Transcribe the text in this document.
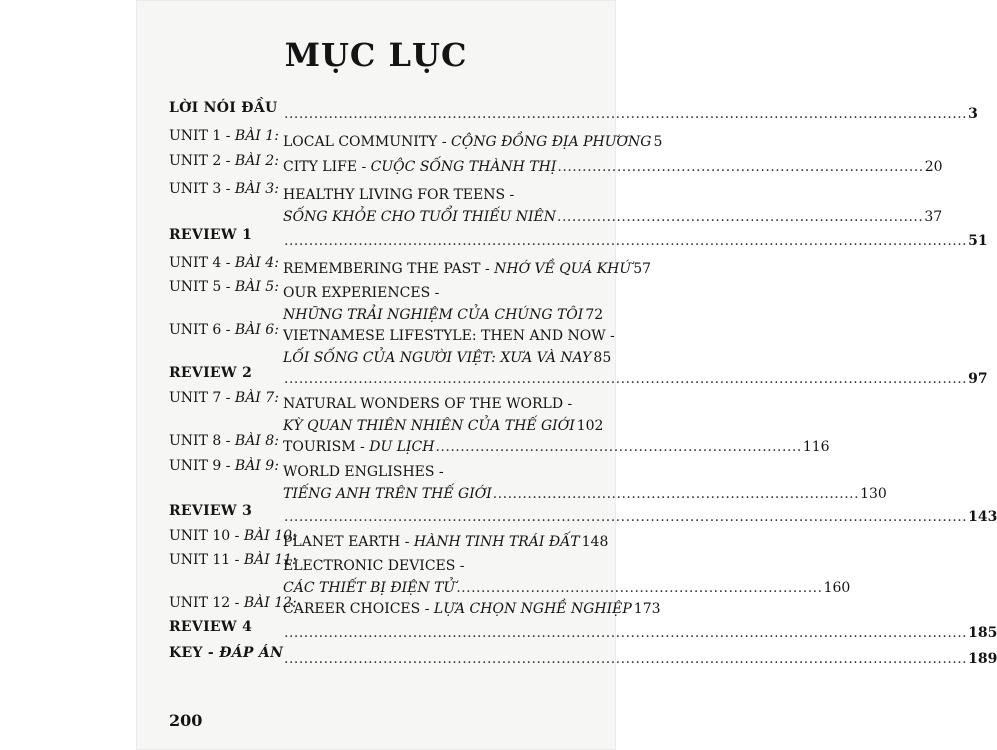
MỤC LỤC
LỜI NÓI ĐẦU .......................................................................................................................................... 3
UNIT 1 - BÀI 1: LOCAL COMMUNITY - CỘNG ĐỒNG ĐỊA PHƯƠNG 5
UNIT 2 - BÀI 2: CITY LIFE - CUỘC SỐNG THÀNH THỊ .......................................................................... 20
UNIT 3 - BÀI 3: HEALTHY LIVING FOR TEENS -
SỐNG KHỎE CHO TUỔI THIẾU NIÊN .......................................................................... 37
REVIEW 1 .......................................................................................................................................... 51
UNIT 4 - BÀI 4: REMEMBERING THE PAST - NHỚ VỀ QUÁ KHỨ 57
UNIT 5 - BÀI 5: OUR EXPERIENCES -
NHỮNG TRẢI NGHIỆM CỦA CHÚNG TÔI 72
UNIT 6 - BÀI 6: VIETNAMESE LIFESTYLE: THEN AND NOW -
LỐI SỐNG CỦA NGƯỜI VIỆT: XƯA VÀ NAY 85
REVIEW 2 .......................................................................................................................................... 97
UNIT 7 - BÀI 7: NATURAL WONDERS OF THE WORLD -
KỲ QUAN THIÊN NHIÊN CỦA THẾ GIỚI 102
UNIT 8 - BÀI 8: TOURISM - DU LỊCH .......................................................................... 116
UNIT 9 - BÀI 9: WORLD ENGLISHES -
TIẾNG ANH TRÊN THẾ GIỚI .......................................................................... 130
REVIEW 3 .......................................................................................................................................... 143
UNIT 10 - BÀI 10:
PLANET EARTH - HÀNH TINH TRÁI ĐẤT 148
UNIT 11 - BÀI 11:
ELECTRONIC DEVICES -
CÁC THIẾT BỊ ĐIỆN TỬ .......................................................................... 160
UNIT 12 - BÀI 12:
CAREER CHOICES - LỰA CHỌN NGHỀ NGHIỆP 173
REVIEW 4 .......................................................................................................................................... 185
KEY - ĐÁP ÁN .......................................................................................................................................... 189
200
